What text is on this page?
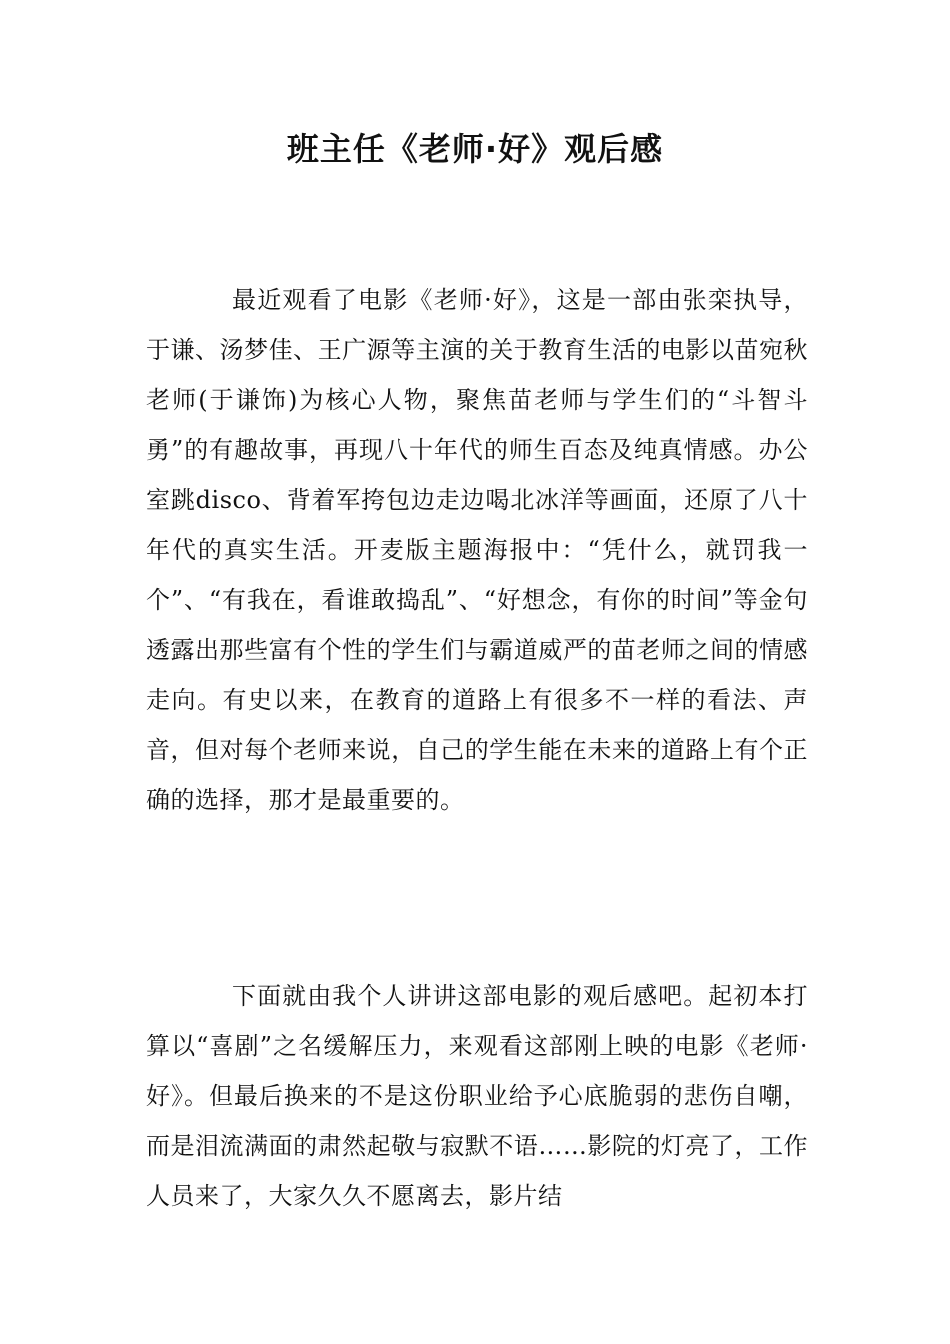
班主任《老师·好》观后感

最近观看了电影《老师·好》，这是一部由张栾执导，于谦、汤梦佳、王广源等主演的关于教育生活的电影以苗宛秋老师(于谦饰)为核心人物，聚焦苗老师与学生们的“斗智斗勇”的有趣故事，再现八十年代的师生百态及纯真情感。办公室跳disco、背着军挎包边走边喝北冰洋等画面，还原了八十年代的真实生活。开麦版主题海报中：“凭什么，就罚我一个”、“有我在，看谁敢捣乱”、“好想念，有你的时间”等金句透露出那些富有个性的学生们与霸道威严的苗老师之间的情感走向。有史以来，在教育的道路上有很多不一样的看法、声音，但对每个老师来说，自己的学生能在未来的道路上有个正确的选择，那才是最重要的。

下面就由我个人讲讲这部电影的观后感吧。起初本打算以“喜剧”之名缓解压力，来观看这部刚上映的电影《老师·好》。但最后换来的不是这份职业给予心底脆弱的悲伤自嘲，而是泪流满面的肃然起敬与寂默不语……影院的灯亮了，工作人员来了，大家久久不愿离去，影片结
